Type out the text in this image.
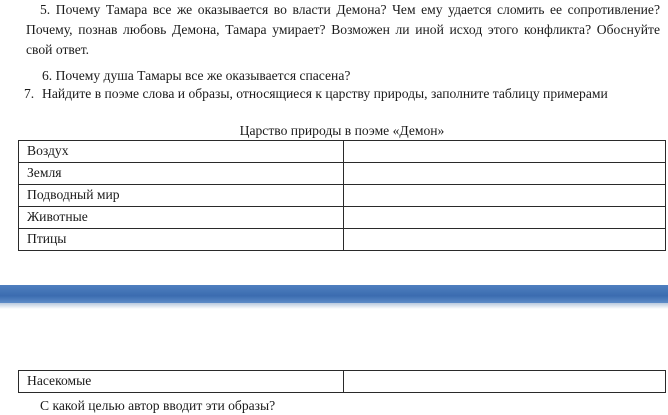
5. Почему Тамара все же оказывается во власти Демона? Чем ему удается сломить ее сопротивление? Почему, познав любовь Демона, Тамара умирает? Возможен ли иной исход этого конфликта? Обоснуйте свой ответ.
6. Почему душа Тамары все же оказывается спасена?
7. Найдите в поэме слова и образы, относящиеся к царству природы, заполните таблицу примерами
Царство природы в поэме «Демон»
Воздух	
Земля	
Подводный мир	
Животные	
Птицы	
Насекомые	
С какой целью автор вводит эти образы?
